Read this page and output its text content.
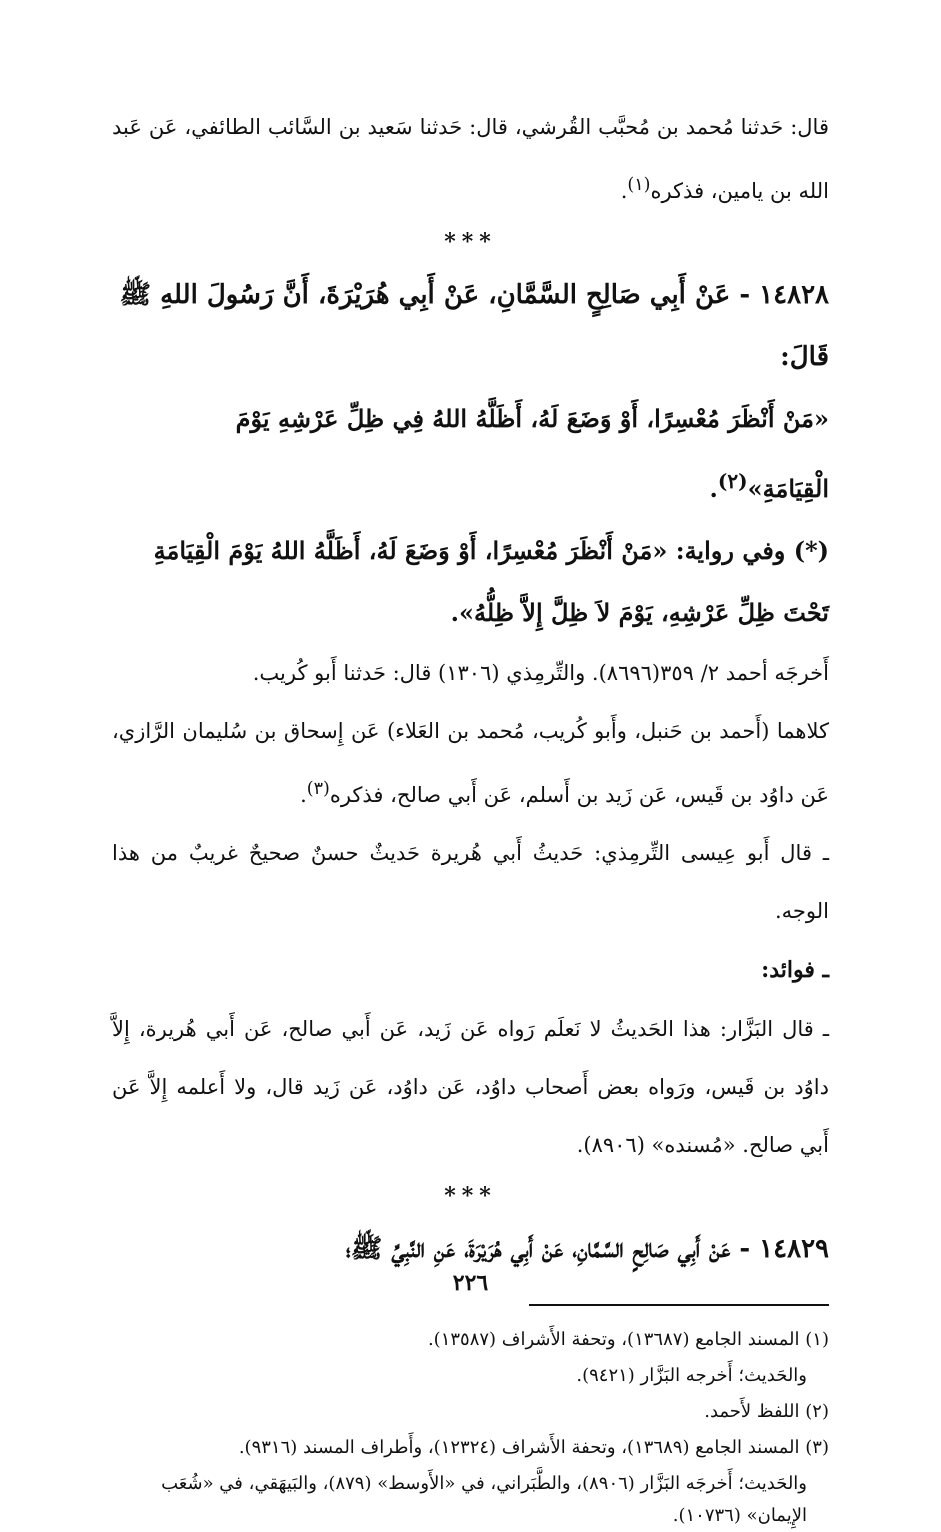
قال: حَدثنا مُحمد بن مُحبَّب القُرشي، قال: حَدثنا سَعيد بن السَّائب الطائفي، عَن عَبد الله بن يامين، فذكره$^{(١)}$.

***

١٤٨٢٨ - عَنْ أَبِي صَالِحٍ السَّمَّانِ، عَنْ أَبِي هُرَيْرَةَ، أَنَّ رَسُولَ اللهِ ﷺ قَالَ:

«مَنْ أَنْظَرَ مُعْسِرًا، أَوْ وَضَعَ لَهُ، أَظَلَّهُ اللهُ فِي ظِلِّ عَرْشِهِ يَوْمَ الْقِيَامَةِ»$^{(٢)}$.

(*) وفي رواية: «مَنْ أَنْظَرَ مُعْسِرًا، أَوْ وَضَعَ لَهُ، أَظَلَّهُ اللهُ يَوْمَ الْقِيَامَةِ تَحْتَ ظِلِّ عَرْشِهِ، يَوْمَ لاَ ظِلَّ إِلاَّ ظِلُّهُ».

أَخرجَه أحمد ٢/ ٣٥٩(٨٦٩٦). والتِّرمِذي (١٣٠٦) قال: حَدثنا أَبو كُريب.

كلاهما (أَحمد بن حَنبل، وأَبو كُريب، مُحمد بن العَلاء) عَن إِسحاق بن سُليمان الرَّازي، عَن داوُد بن قَيس، عَن زَيد بن أَسلم، عَن أَبي صالح، فذكره$^{(٣)}$.

ـ قال أَبو عِيسى التِّرمِذي: حَديثُ أَبي هُريرة حَديثٌ حسنٌ صحيحٌ غريبٌ من هذا الوجه.

ـ فوائد:

ـ قال البَزَّار: هذا الحَديثُ لا نَعلَم رَواه عَن زَيد، عَن أَبي صالح، عَن أَبي هُريرة، إِلاَّ داوُد بن قَيس، ورَواه بعض أَصحاب داوُد، عَن داوُد، عَن زَيد قال، ولا أَعلمه إِلاَّ عَن أَبي صالح. «مُسنده» (٨٩٠٦).

***

١٤٨٢٩ - عَنْ أَبِي صَالِحٍ السَّمَّانِ، عَنْ أَبِي هُرَيْرَةَ، عَنِ النَّبِيِّ ﷺ؛

(١) المسند الجامع (١٣٦٨٧)، وتحفة الأَشراف (١٣٥٨٧).

والحَديث؛ أَخرجه البَزَّار (٩٤٢١).

(٢) اللفظ لأَحمد.

(٣) المسند الجامع (١٣٦٨٩)، وتحفة الأَشراف (١٢٣٢٤)، وأَطراف المسند (٩٣١٦).

والحَديث؛ أَخرجَه البَزَّار (٨٩٠٦)، والطَّبَراني، في «الأَوسط» (٨٧٩)، والبَيهَقي، في «شُعَب الإِيمان» (١٠٧٣٦).

٢٢٦
